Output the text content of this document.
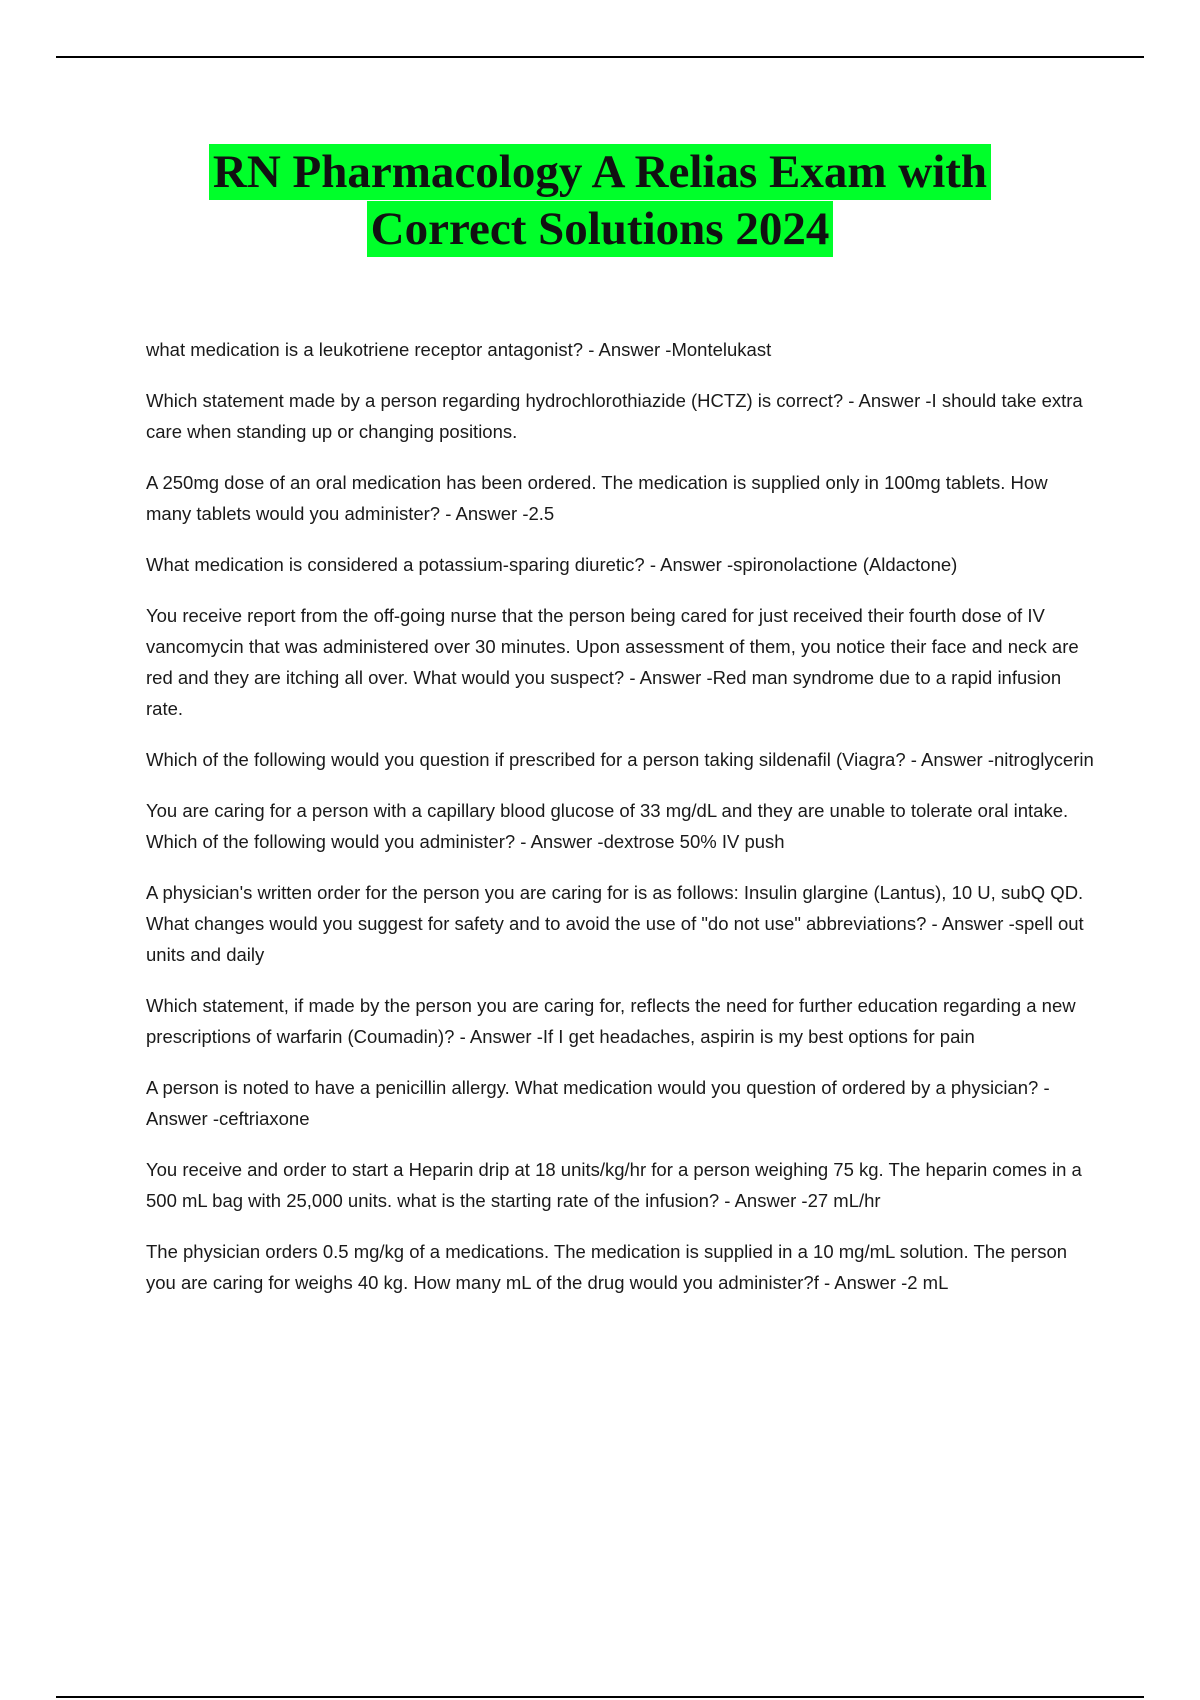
RN Pharmacology A Relias Exam with
Correct Solutions 2024

what medication is a leukotriene receptor antagonist? - Answer -Montelukast

Which statement made by a person regarding hydrochlorothiazide (HCTZ) is correct? - Answer -I should take extra care when standing up or changing positions.

A 250mg dose of an oral medication has been ordered. The medication is supplied only in 100mg tablets. How many tablets would you administer? - Answer -2.5

What medication is considered a potassium-sparing diuretic? - Answer -spironolactione (Aldactone)

You receive report from the off-going nurse that the person being cared for just received their fourth dose of IV vancomycin that was administered over 30 minutes. Upon assessment of them, you notice their face and neck are red and they are itching all over. What would you suspect? - Answer -Red man syndrome due to a rapid infusion rate.

Which of the following would you question if prescribed for a person taking sildenafil (Viagra? - Answer -nitroglycerin

You are caring for a person with a capillary blood glucose of 33 mg/dL and they are unable to tolerate oral intake. Which of the following would you administer? - Answer -dextrose 50% IV push

A physician's written order for the person you are caring for is as follows: Insulin glargine (Lantus), 10 U, subQ QD. What changes would you suggest for safety and to avoid the use of "do not use" abbreviations? - Answer -spell out units and daily

Which statement, if made by the person you are caring for, reflects the need for further education regarding a new prescriptions of warfarin (Coumadin)? - Answer -If I get headaches, aspirin is my best options for pain

A person is noted to have a penicillin allergy. What medication would you question of ordered by a physician? - Answer -ceftriaxone

You receive and order to start a Heparin drip at 18 units/kg/hr for a person weighing 75 kg. The heparin comes in a 500 mL bag with 25,000 units. what is the starting rate of the infusion? - Answer -27 mL/hr

The physician orders 0.5 mg/kg of a medications. The medication is supplied in a 10 mg/mL solution. The person you are caring for weighs 40 kg. How many mL of the drug would you administer?f - Answer -2 mL
